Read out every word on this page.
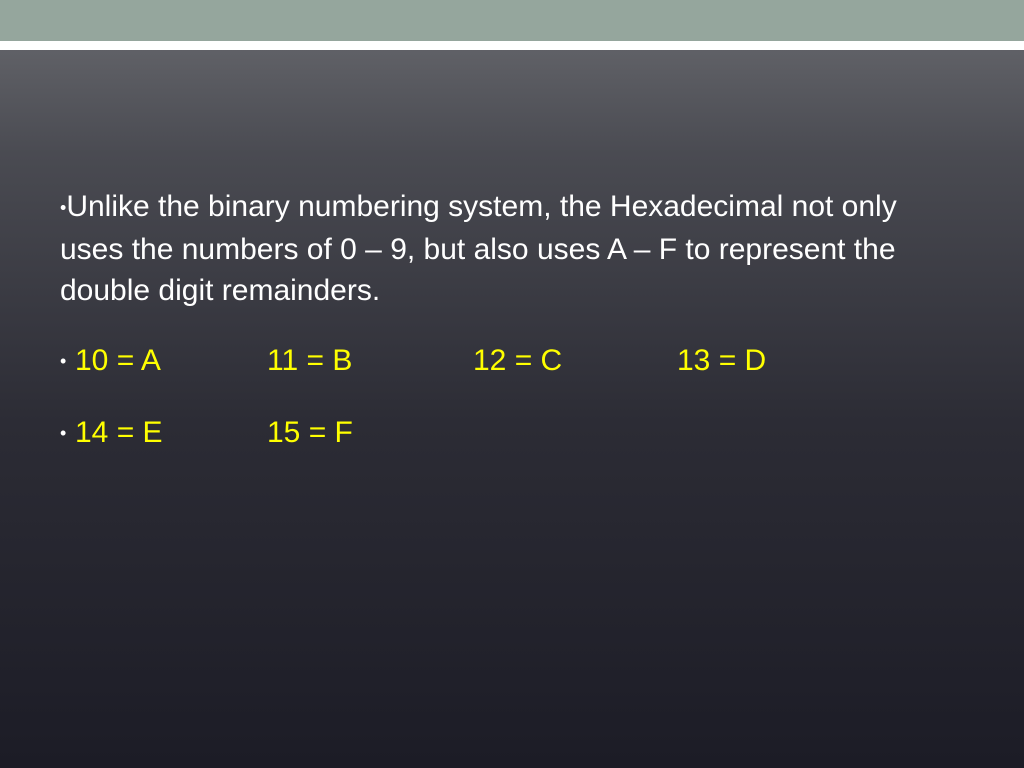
•Unlike the binary numbering system, the Hexadecimal not only uses the numbers of 0 – 9, but also uses A – F to represent the double digit remainders.
• 10 = A	11 = B	12 = C	13 = D
• 14 = E	15 = F
